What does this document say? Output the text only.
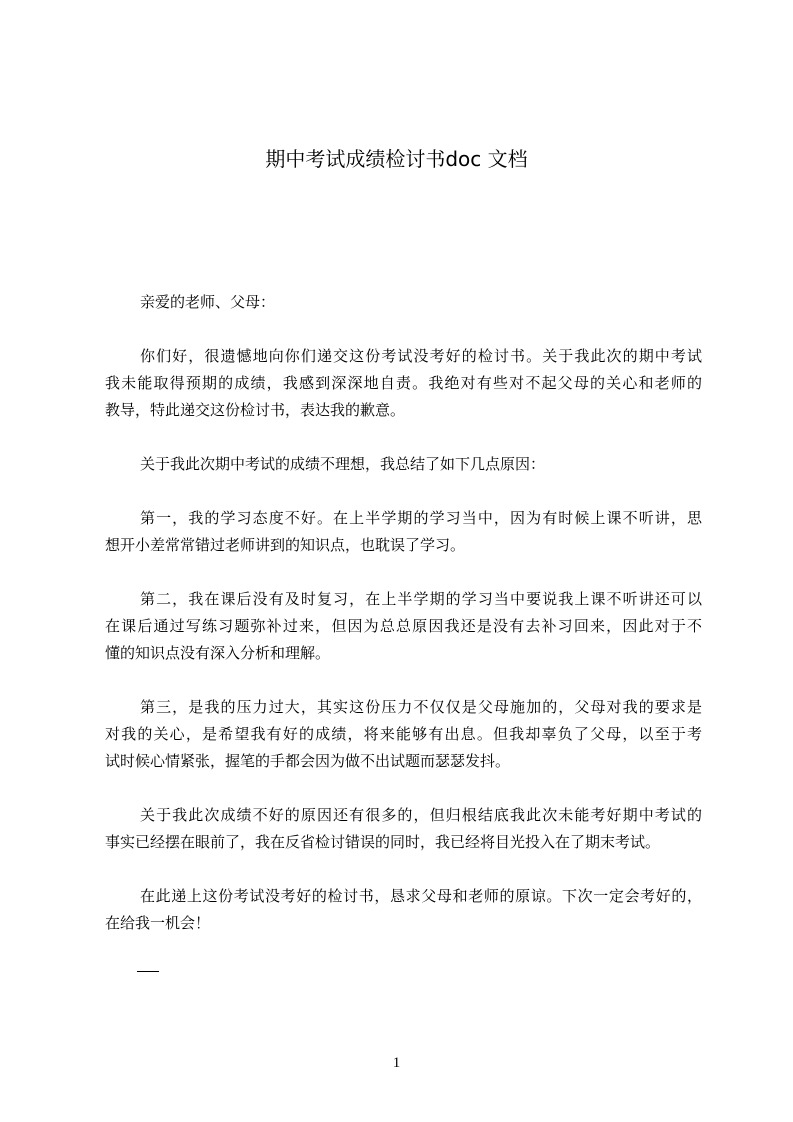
期中考试成绩检讨书doc 文档
亲爱的老师、父母：
你们好，很遗憾地向你们递交这份考试没考好的检讨书。关于我此次的期中考试
我未能取得预期的成绩，我感到深深地自责。我绝对有些对不起父母的关心和老师的
教导，特此递交这份检讨书，表达我的歉意。
关于我此次期中考试的成绩不理想，我总结了如下几点原因：
第一，我的学习态度不好。在上半学期的学习当中，因为有时候上课不听讲，思
想开小差常常错过老师讲到的知识点，也耽误了学习。
第二，我在课后没有及时复习，在上半学期的学习当中要说我上课不听讲还可以
在课后通过写练习题弥补过来，但因为总总原因我还是没有去补习回来，因此对于不
懂的知识点没有深入分析和理解。
第三，是我的压力过大，其实这份压力不仅仅是父母施加的，父母对我的要求是
对我的关心，是希望我有好的成绩，将来能够有出息。但我却辜负了父母，以至于考
试时候心情紧张，握笔的手都会因为做不出试题而瑟瑟发抖。
关于我此次成绩不好的原因还有很多的，但归根结底我此次未能考好期中考试的
事实已经摆在眼前了，我在反省检讨错误的同时，我已经将目光投入在了期末考试。
在此递上这份考试没考好的检讨书，恳求父母和老师的原谅。下次一定会考好的，
在给我一机会！
1
